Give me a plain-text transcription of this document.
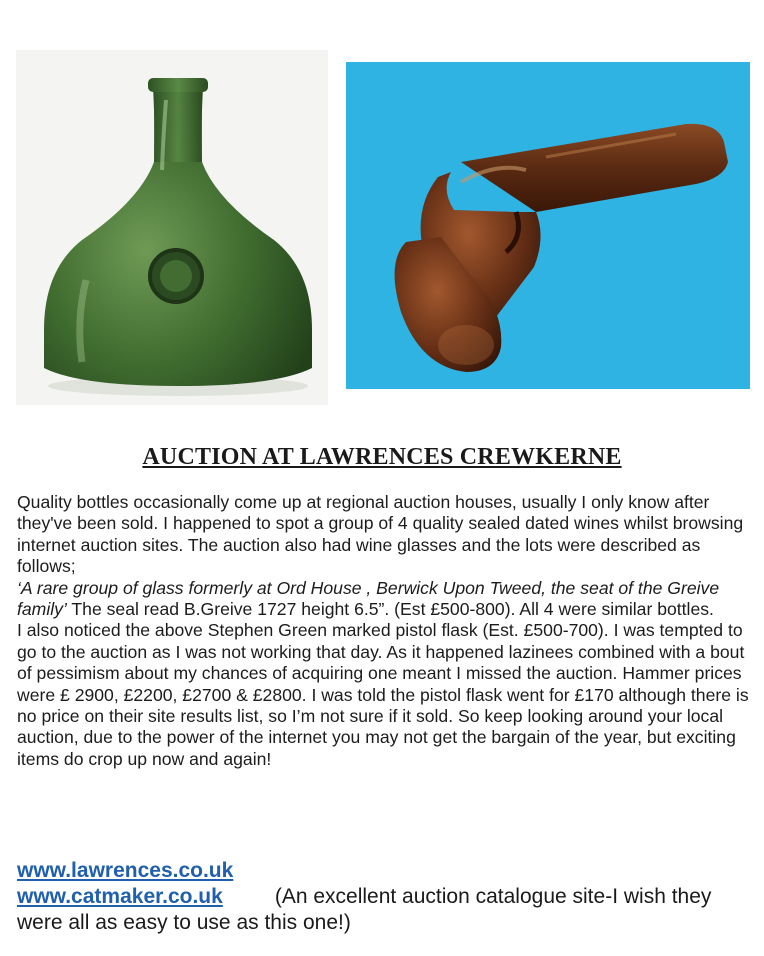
AUCTION AT LAWRENCES CREWKERNE

Quality bottles occasionally come up at regional auction houses, usually I only know after they've been sold. I happened to spot a group of 4 quality sealed dated wines whilst browsing internet auction sites. The auction also had wine glasses and the lots were described as follows;

‘A rare group of glass formerly at Ord House , Berwick Upon Tweed, the seat of the Greive family’ The seal read B.Greive 1727 height 6.5”. (Est £500-800). All 4 were similar bottles.

I also noticed the above Stephen Green marked pistol flask (Est. £500-700). I was tempted to go to the auction as I was not working that day. As it happened lazinees combined with a bout of pessimism about my chances of acquiring one meant I missed the auction. Hammer prices were £ 2900, £2200, £2700 & £2800. I was told the pistol flask went for £170 although there is no price on their site results list, so I’m not sure if it sold. So keep looking around your local auction, due to the power of the internet you may not get the bargain of the year, but exciting items do crop up now and again!

www.lawrences.co.uk
www.catmaker.co.uk (An excellent auction catalogue site-I wish they were all as easy to use as this one!)
